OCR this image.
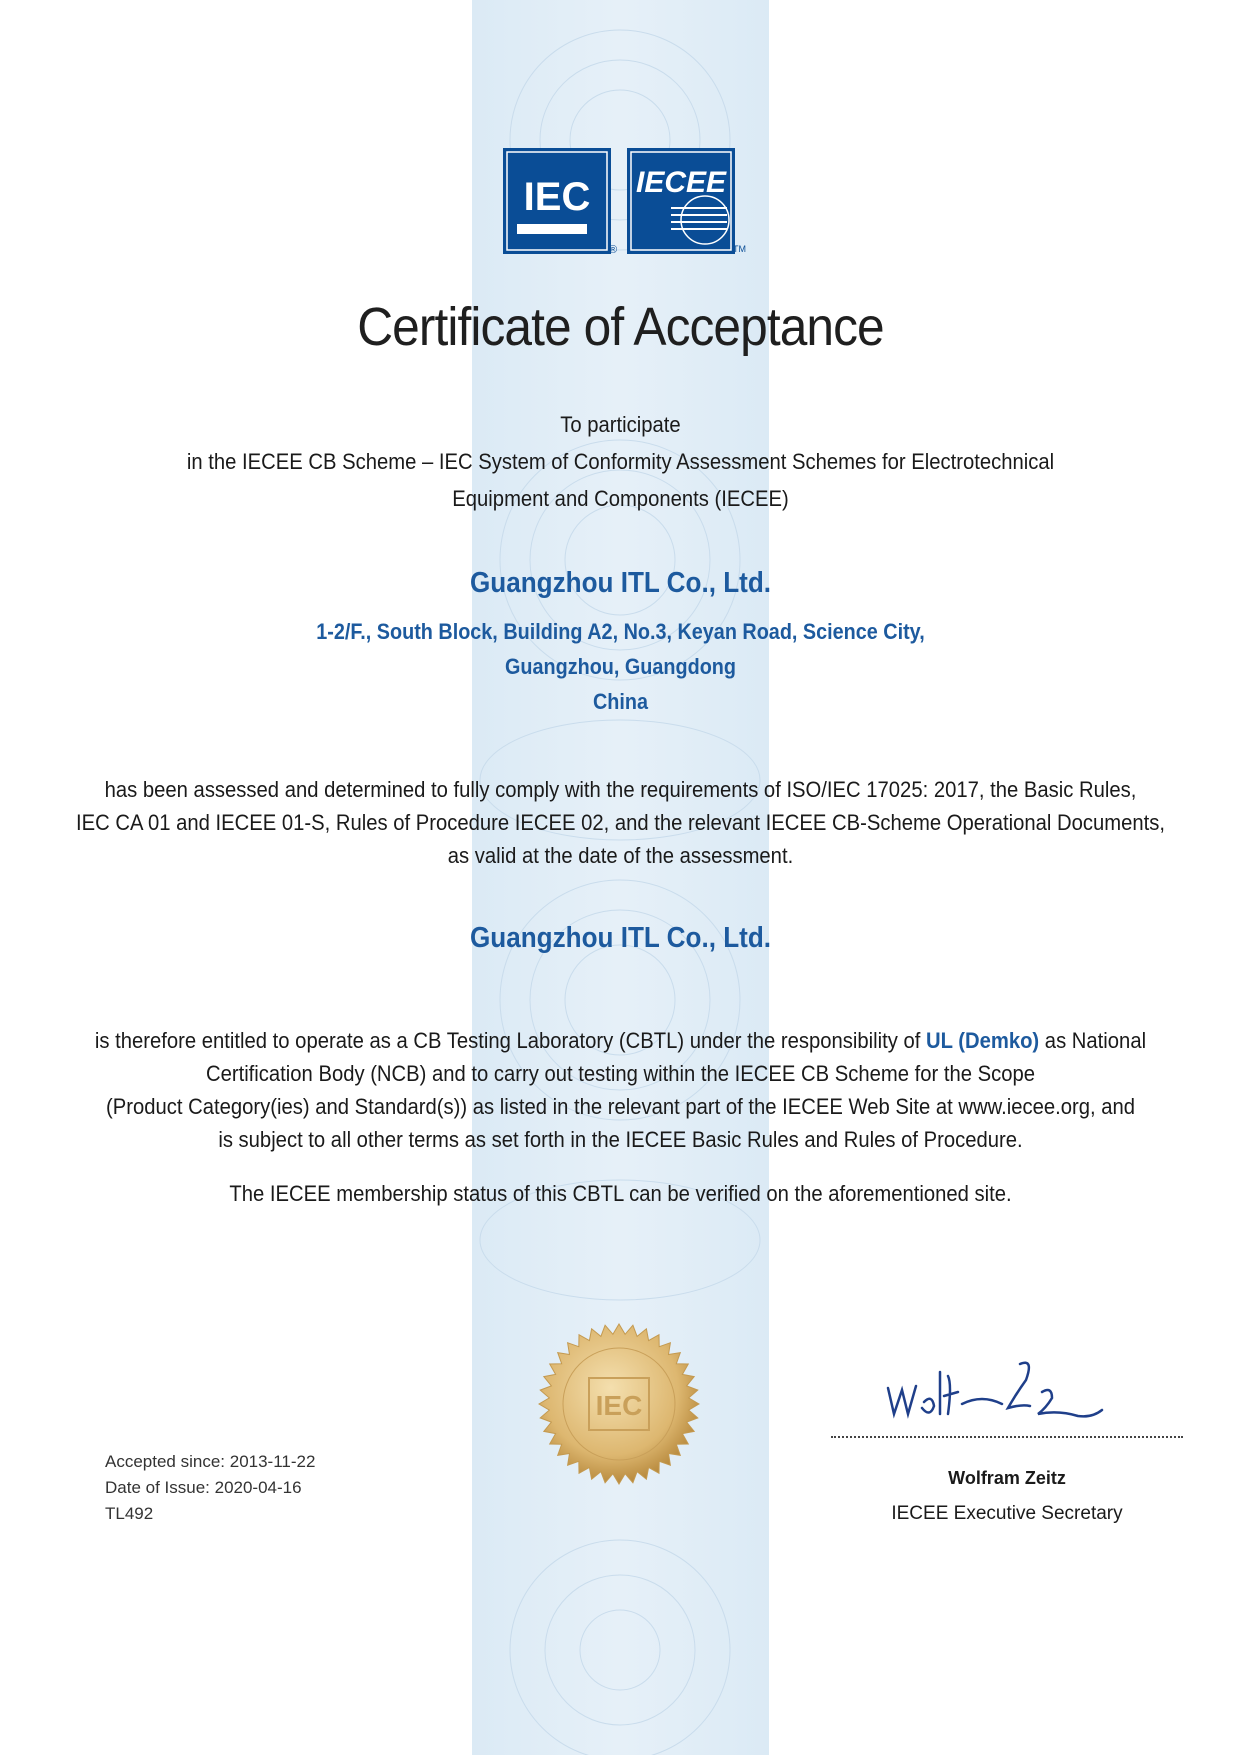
IEC
®
IECEE
TM
Certificate of Acceptance
To participate
in the IECEE CB Scheme – IEC System of Conformity Assessment Schemes for Electrotechnical
Equipment and Components (IECEE)
Guangzhou ITL Co., Ltd.
1-2/F., South Block, Building A2, No.3, Keyan Road, Science City,
Guangzhou, Guangdong
China
has been assessed and determined to fully comply with the requirements of ISO/IEC 17025: 2017, the Basic Rules,
IEC CA 01 and IECEE 01-S, Rules of Procedure IECEE 02, and the relevant IECEE CB-Scheme Operational Documents,
as valid at the date of the assessment.
Guangzhou ITL Co., Ltd.
is therefore entitled to operate as a CB Testing Laboratory (CBTL) under the responsibility of UL (Demko) as National
Certification Body (NCB) and to carry out testing within the IECEE CB Scheme for the Scope
(Product Category(ies) and Standard(s)) as listed in the relevant part of the IECEE Web Site at www.iecee.org, and
is subject to all other terms as set forth in the IECEE Basic Rules and Rules of Procedure.
The IECEE membership status of this CBTL can be verified on the aforementioned site.
IEC
Accepted since: 2013-11-22
Date of Issue: 2020-04-16
TL492
Wolfram Zeitz
IECEE Executive Secretary
